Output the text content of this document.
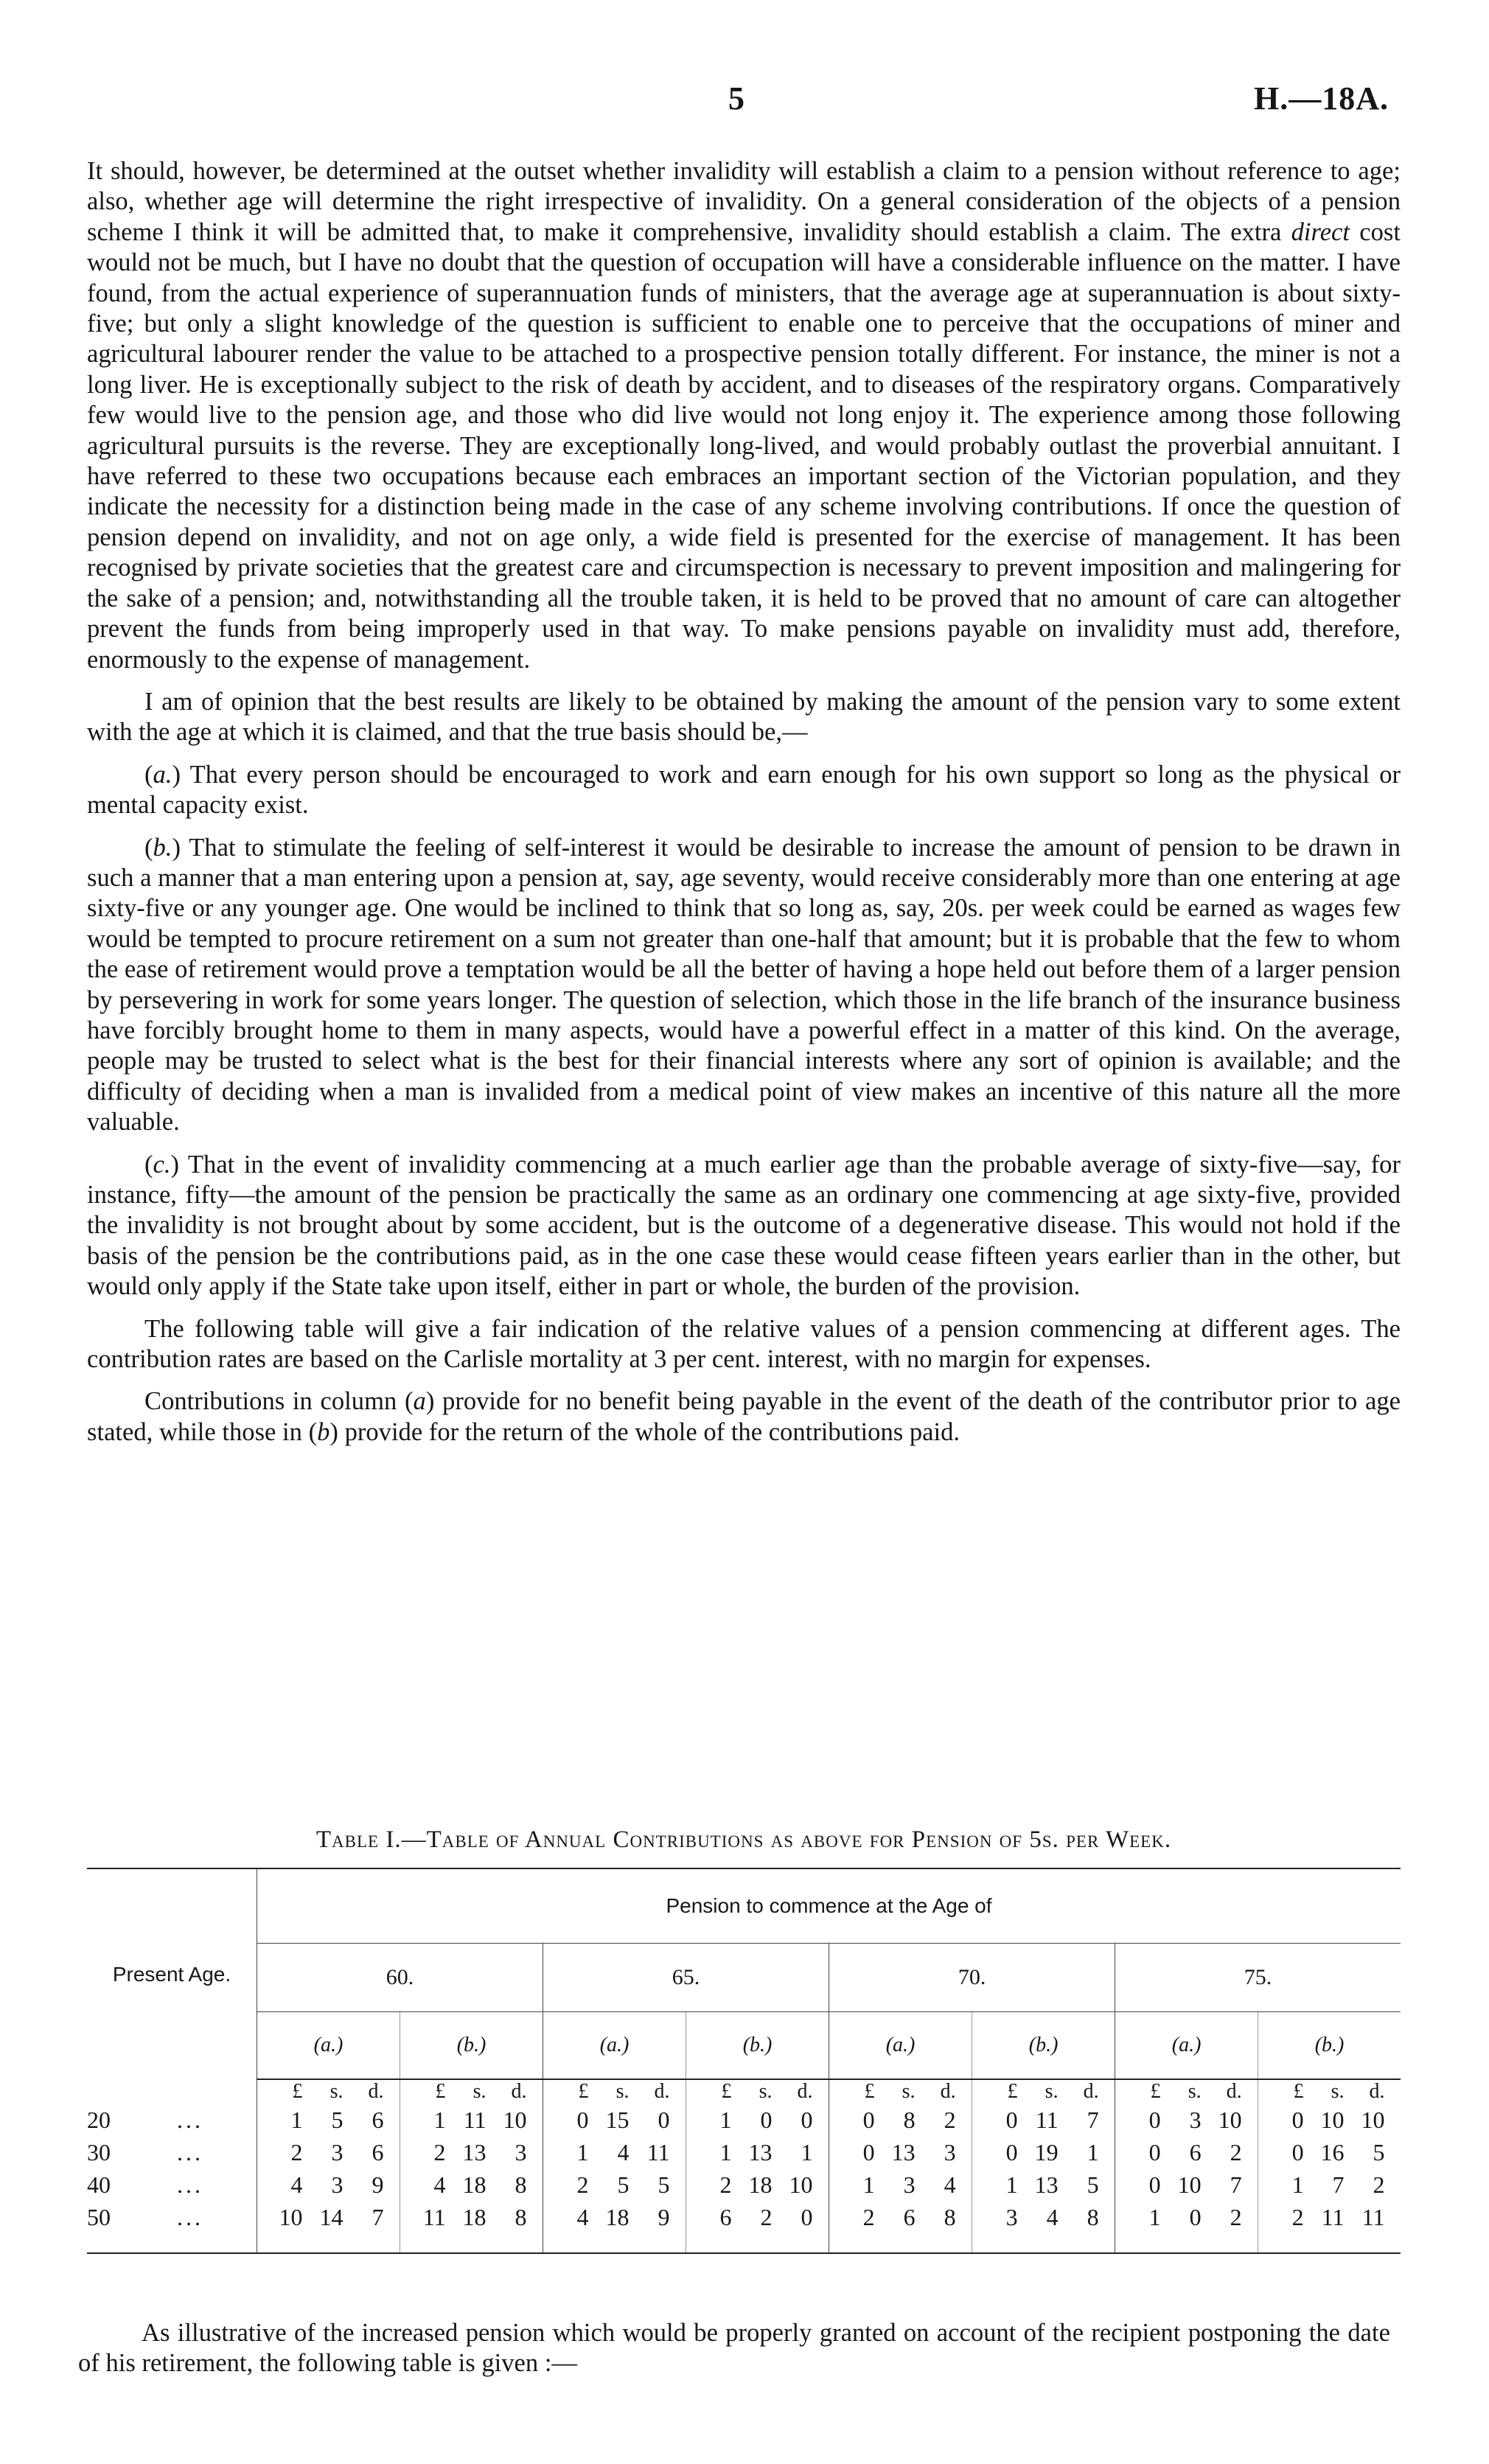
5	H.—18A.

It should, however, be determined at the outset whether invalidity will establish a claim to a pension without reference to age; also, whether age will determine the right irrespective of invalidity. On a general consideration of the objects of a pension scheme I think it will be admitted that, to make it comprehensive, invalidity should establish a claim. The extra direct cost would not be much, but I have no doubt that the question of occupation will have a considerable influence on the matter. I have found, from the actual experience of superannuation funds of ministers, that the average age at superannuation is about sixty-five; but only a slight knowledge of the question is sufficient to enable one to perceive that the occupations of miner and agricultural labourer render the value to be attached to a prospective pension totally different. For instance, the miner is not a long liver. He is exceptionally subject to the risk of death by accident, and to diseases of the respiratory organs. Comparatively few would live to the pension age, and those who did live would not long enjoy it. The experience among those following agricultural pursuits is the reverse. They are exceptionally long-lived, and would probably outlast the proverbial annuitant. I have referred to these two occupations because each embraces an important section of the Victorian population, and they indicate the necessity for a distinction being made in the case of any scheme involving contributions. If once the question of pension depend on invalidity, and not on age only, a wide field is presented for the exercise of management. It has been recognised by private societies that the greatest care and circumspection is necessary to prevent imposition and malingering for the sake of a pension; and, notwithstanding all the trouble taken, it is held to be proved that no amount of care can altogether prevent the funds from being improperly used in that way. To make pensions payable on invalidity must add, therefore, enormously to the expense of management.

I am of opinion that the best results are likely to be obtained by making the amount of the pension vary to some extent with the age at which it is claimed, and that the true basis should be,—

(a.) That every person should be encouraged to work and earn enough for his own support so long as the physical or mental capacity exist.

(b.) That to stimulate the feeling of self-interest it would be desirable to increase the amount of pension to be drawn in such a manner that a man entering upon a pension at, say, age seventy, would receive considerably more than one entering at age sixty-five or any younger age. One would be inclined to think that so long as, say, 20s. per week could be earned as wages few would be tempted to procure retirement on a sum not greater than one-half that amount; but it is probable that the few to whom the ease of retirement would prove a temptation would be all the better of having a hope held out before them of a larger pension by persevering in work for some years longer. The question of selection, which those in the life branch of the insurance business have forcibly brought home to them in many aspects, would have a powerful effect in a matter of this kind. On the average, people may be trusted to select what is the best for their financial interests where any sort of opinion is available; and the difficulty of deciding when a man is invalided from a medical point of view makes an incentive of this nature all the more valuable.

(c.) That in the event of invalidity commencing at a much earlier age than the probable average of sixty-five—say, for instance, fifty—the amount of the pension be practically the same as an ordinary one commencing at age sixty-five, provided the invalidity is not brought about by some accident, but is the outcome of a degenerative disease. This would not hold if the basis of the pension be the contributions paid, as in the one case these would cease fifteen years earlier than in the other, but would only apply if the State take upon itself, either in part or whole, the burden of the provision.

The following table will give a fair indication of the relative values of a pension commencing at different ages. The contribution rates are based on the Carlisle mortality at 3 per cent. interest, with no margin for expenses.

Contributions in column (a) provide for no benefit being payable in the event of the death of the contributor prior to age stated, while those in (b) provide for the return of the whole of the contributions paid.

Table I.—Table of Annual Contributions as above for Pension of 5s. per Week.
Present Age.	Pension to commence at the Age of							
	60.		65.		70.		75.	
	(a.)	(b.)	(a.)	(b.)	(a.)	(b.)	(a.)	(b.)

	£ s. d.	£ s. d.	£ s. d.	£ s. d.	£ s. d.	£ s. d.	£ s. d.	£ s. d.

20 ...	1 5 6	1 11 10	0 15 0	1 0 0	0 8 2	0 11 7	0 3 10	0 10 10

30 ...	2 3 6	2 13 3	1 4 11	1 13 1	0 13 3	0 19 1	0 6 2	0 16 5

40 ...	4 3 9	4 18 8	2 5 5	2 18 10	1 3 4	1 13 5	0 10 7	1 7 2

50 ...	10 14 7	11 18 8	4 18 9	6 2 0	2 6 8	3 4 8	1 0 2	2 11 11

As illustrative of the increased pension which would be properly granted on account of the recipient postponing the date of his retirement, the following table is given :—
